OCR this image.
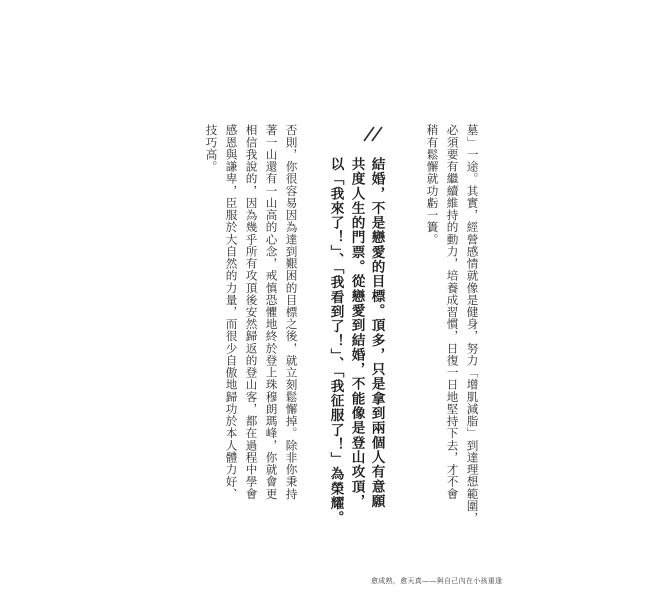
墓」一途。其實，經營感情就像是健身，努力「增肌減脂」到達理想範圍，
必須要有繼續維持的動力，培養成習慣，日復一日地堅持下去，才不會
稍有鬆懈就功虧一簣。
結婚，不是戀愛的目標。頂多，只是拿到兩個人有意願
共度人生的門票。從戀愛到結婚，不能像是登山攻頂，
以「我來了！」、「我看到了！」、「我征服了！」為榮耀。
否則，你很容易因為達到艱困的目標之後，就立刻鬆懈掉。除非你秉持
著一山還有一山高的心念，戒慎恐懼地終於登上珠穆朗瑪峰，你就會更
相信我說的，因為幾乎所有攻頂後安然歸返的登山客，都在過程中學會
感恩與謙卑，臣服於大自然的力量，而很少自傲地歸功於本人體力好、
技巧高。
愈成熟，愈天真——與自己內在小孩重逢
